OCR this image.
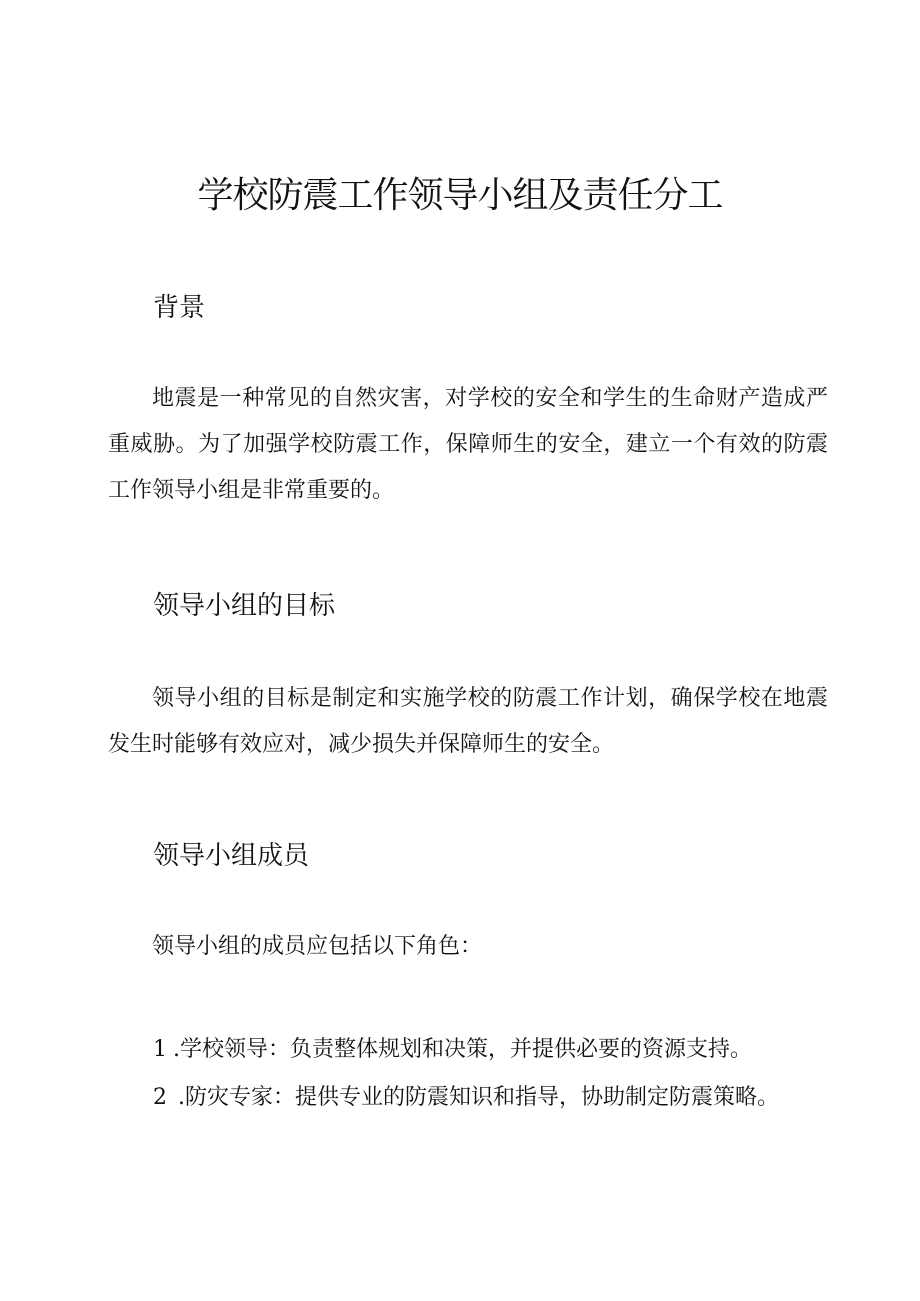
学校防震工作领导小组及责任分工
背景

地震是一种常见的自然灾害，对学校的安全和学生的生命财产造成严重威胁。为了加强学校防震工作，保障师生的安全，建立一个有效的防震工作领导小组是非常重要的。

领导小组的目标

领导小组的目标是制定和实施学校的防震工作计划，确保学校在地震发生时能够有效应对，减少损失并保障师生的安全。

领导小组成员

领导小组的成员应包括以下角色：

1 .学校领导：负责整体规划和决策，并提供必要的资源支持。

2 .防灾专家：提供专业的防震知识和指导，协助制定防震策略。
